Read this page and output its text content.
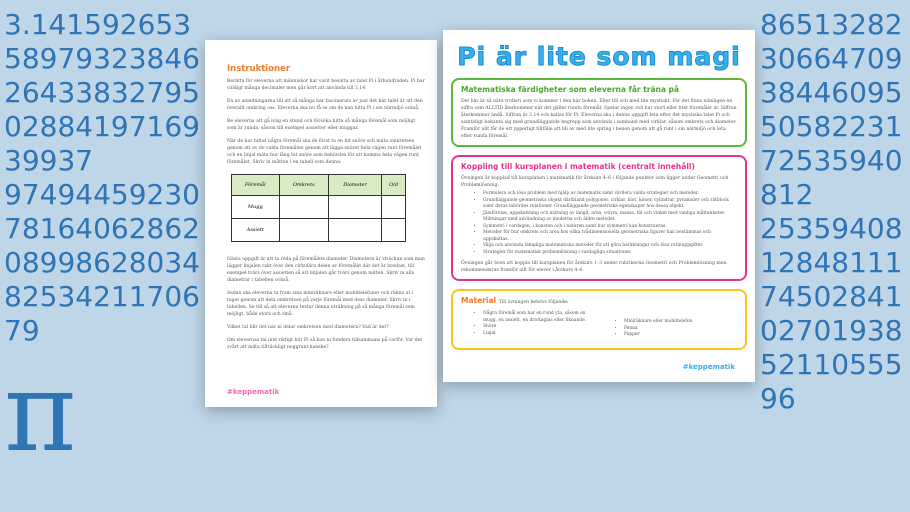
3.14159265358979323846264338327950288419716939937
9749445923078164062862089986280348253421170679
π
8651328230664709384460955058223172535940812
253594081284811174502841027019385211055596
Instruktioner

Berätta för eleverna att människor har varit besatta av talet Pi i århundraden. Pi har väldigt många decimaler men går kort att använda till 3,14.

En av anledningarna till att så många har fascinerats av just det här talet är att den överallt omkring oss. Eleverna ska nu få se om de kan hitta Pi i sin närmiljö också.

Be eleverna att gå iväg en stund och försöka hitta så många föremål som möjligt som är runda, såsom till exempel assietter eller muggar.

När de har hittat några föremål ska de först ta en bit snöre och mäta omkretsen genom att av de valda föremålen genom att lägga snöret hela vägen runt föremålet och en linjal mäta hur lång bit snöre som behövdes för att komma hela vägen runt föremålet. Skriv in måtten i en tabell som denna:

Föremål	Omkrets	Diameter	O/d
Mugg			
Assiett			

Nästa uppgift är att ta reda på föremålets diameter. Diametern är sträckan som man lägger linjalen rakt över den cirkulära delen av föremålet där det är bredast, till exempel tvärs över assietten så att linjalen går tvärs genom mitten. Skriv in alla diametrar i tabellen också.

Sedan ska eleverna ta fram sina miniräknare eller mobiltelefoner och räkna ut i taget genom att dela omkretsen på varje föremål med dess diameter. Skriv in i tabellen. Se till så att eleverna testar denna uträkning på så många föremål som möjligt, både stora och små.

Vilket tal blir det när ni delar omkretsen med diametern? Vad är det?

Om elevernas tal inte riktigt blir Pi så kan ni fundera tillsammans på varför. Var det svårt att mäta tillräckligt noggrant kanske?

#keppematik
Pi är lite som magi
Matematiska färdigheter som eleverna får träna på

Det här är så nära trolleri som vi kommer i den här boken. Eller till och med lite mystiskt. För det finns nämligen en siffra som ALLTID återkommer när det gäller runda föremål. Spelar ingen roll hur stort eller litet föremålet är. Siffran återkommer ändå. Siffran är 3.14 och kallas för Pi. Eleverna ska i denna uppgift leta efter det mystiska talet Pi och samtidigt bekanta sig med grundläggande begrepp som används i samband med cirklar, såsom omkrets och diameter. Framför allt får de ett ypperligt tillfälle att bli av med lite spring i benen genom att gå runt i sin närmiljö och leta efter runda föremål.

Koppling till kursplanen i matematik (centralt innehåll)

Övningen är kopplad till kursplanen i matematik för årskurs 4–6 i följande punkter som ligger under Geometri och Problemlösning:

• Formulera och lösa problem med hjälp av matematik samt värdera valda strategier och metoder.
• Grundläggande geometriska objekt däribland polygoner, cirklar, klot, koner, cylindrar, pyramider och rätblock samt deras inbördes relationer. Grundläggande geometriska egenskaper hos dessa objekt.
• Jämförelse, uppskattning och mätning av längd, area, volym, massa, tid och vinkel med vanliga måttenheter. Mätningar med användning av moderna och äldre metoder.
• Symmetri i vardagen, i konsten och i naturen samt hur symmetri kan konstrueras.
• Metoder för hur omkrets och area hos olika tvådimensionella geometriska figurer kan bestämmas och uppskattas.
• Välja och använda lämpliga matematiska metoder för att göra beräkningar och lösa rutinuppgifter.
• Strategier för matematisk problemlösning i vardagliga situationer.

Övningen går även att koppla till kursplanen för årskurs 1–3 under rubrikerna Geometri och Problemlösning men rekommenderas framför allt för elever i årskurs 4–6.

Material Till övningen behövs följande:
• Några föremål som har en rund yta, såsom en mugg, en assiett, en drickaglas eller liknande.
• Snöre
• Linjal
• Miniräknare eller mobiltelefon
• Penna
• Papper
#keppematik
